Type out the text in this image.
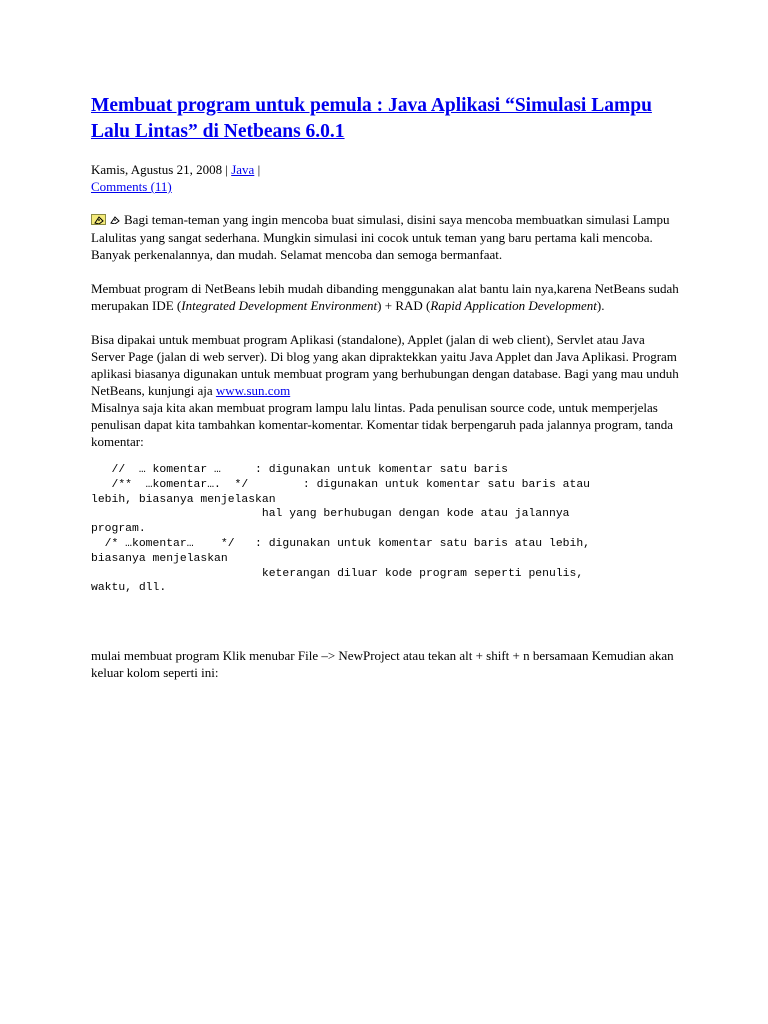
Membuat program untuk pemula : Java Aplikasi “Simulasi Lampu Lalu Lintas” di Netbeans 6.0.1
Kamis, Agustus 21, 2008 | Java |
Comments (11)

Bagi teman-teman yang ingin mencoba buat simulasi, disini saya mencoba membuatkan simulasi Lampu Lalulitas yang sangat sederhana. Mungkin simulasi ini cocok untuk teman yang baru pertama kali mencoba. Banyak perkenalannya, dan mudah. Selamat mencoba dan semoga bermanfaat.

Membuat program di NetBeans lebih mudah dibanding menggunakan alat bantu lain nya,karena NetBeans sudah merupakan IDE (Integrated Development Environment) + RAD (Rapid Application Development).

Bisa dipakai untuk membuat program Aplikasi (standalone), Applet (jalan di web client), Servlet atau Java Server Page (jalan di web server). Di blog yang akan dipraktekkan yaitu Java Applet dan Java Aplikasi. Program aplikasi biasanya digunakan untuk membuat program yang berhubungan dengan database. Bagi yang mau unduh NetBeans, kunjungi aja www.sun.com
Misalnya saja kita akan membuat program lampu lalu lintas. Pada penulisan source code, untuk memperjelas penulisan dapat kita tambahkan komentar-komentar. Komentar tidak berpengaruh pada jalannya program, tanda komentar:

//  … komentar …     : digunakan untuk komentar satu baris
/**  …komentar….  */        : digunakan untuk komentar satu baris atau
lebih, biasanya menjelaskan
hal yang berhubugan dengan kode atau jalannya
program.
/* …komentar…    */   : digunakan untuk komentar satu baris atau lebih,
biasanya menjelaskan
keterangan diluar kode program seperti penulis,
waktu, dll.

mulai membuat program Klik menubar File –> NewProject atau tekan alt + shift + n bersamaan Kemudian akan keluar kolom seperti ini:
